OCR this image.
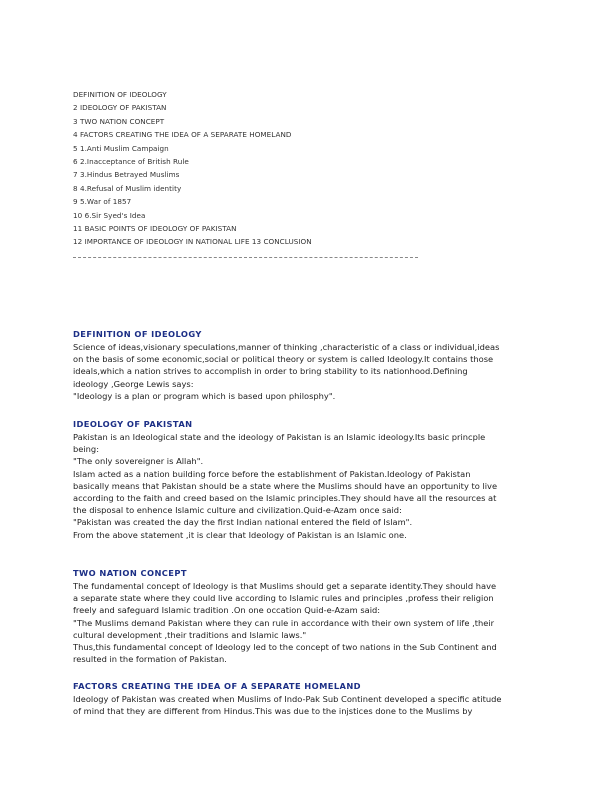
DEFINITION OF IDEOLOGY
2 IDEOLOGY OF PAKISTAN
3 TWO NATION CONCEPT
4 FACTORS CREATING THE IDEA OF A SEPARATE HOMELAND
5 1.Anti Muslim Campaign
6 2.Inacceptance of British Rule
7 3.Hindus Betrayed Muslims
8 4.Refusal of Muslim identity
9 5.War of 1857
10 6.Sir Syed's Idea
11 BASIC POINTS OF IDEOLOGY OF PAKISTAN
12 IMPORTANCE OF IDEOLOGY IN NATIONAL LIFE 13 CONCLUSION
DEFINITION OF IDEOLOGY

Science of ideas,visionary speculations,manner of thinking ,characteristic of a class or individual,ideas

on the basis of some economic,social or political theory or system is called Ideology.It contains those

ideals,which a nation strives to accomplish in order to bring stability to its nationhood.Defining

ideology ,George Lewis says:

"Ideology is a plan or program which is based upon philosphy".

IDEOLOGY OF PAKISTAN

Pakistan is an Ideological state and the ideology of Pakistan is an Islamic ideology.Its basic princple

being:

"The only sovereigner is Allah".

Islam acted as a nation building force before the establishment of Pakistan.Ideology of Pakistan

basically means that Pakistan should be a state where the Muslims should have an opportunity to live

according to the faith and creed based on the Islamic principles.They should have all the resources at

the disposal to enhence Islamic culture and civilization.Quid-e-Azam once said:

"Pakistan was created the day the first Indian national entered the field of Islam".

From the above statement ,it is clear that Ideology of Pakistan is an Islamic one.

TWO NATION CONCEPT

The fundamental concept of Ideology is that Muslims should get a separate identity.They should have

a separate state where they could live according to Islamic rules and principles ,profess their religion

freely and safeguard Islamic tradition .On one occation Quid-e-Azam said:

"The Muslims demand Pakistan where they can rule in accordance with their own system of life ,their

cultural development ,their traditions and Islamic laws."

Thus,this fundamental concept of Ideology led to the concept of two nations in the Sub Continent and

resulted in the formation of Pakistan.

FACTORS CREATING THE IDEA OF A SEPARATE HOMELAND

Ideology of Pakistan was created when Muslims of Indo-Pak Sub Continent developed a specific atitude

of mind that they are different from Hindus.This was due to the injstices done to the Muslims by
